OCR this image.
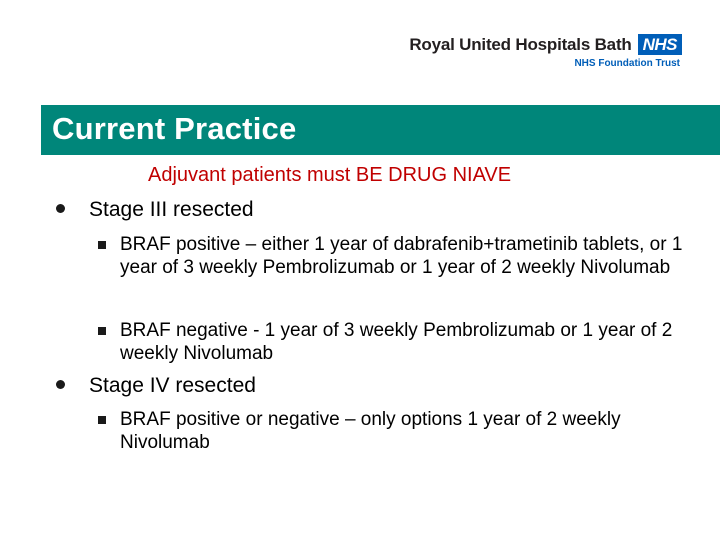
Royal United Hospitals Bath NHS
NHS Foundation Trust
Current Practice
Adjuvant patients must BE DRUG NIAVE
Stage III resected
BRAF positive – either 1 year of dabrafenib+trametinib tablets, or 1 year of 3 weekly Pembrolizumab or 1 year of 2 weekly Nivolumab
BRAF negative - 1 year of 3 weekly Pembrolizumab or 1 year of 2 weekly Nivolumab
Stage IV resected
BRAF positive or negative – only options 1 year of 2 weekly Nivolumab
